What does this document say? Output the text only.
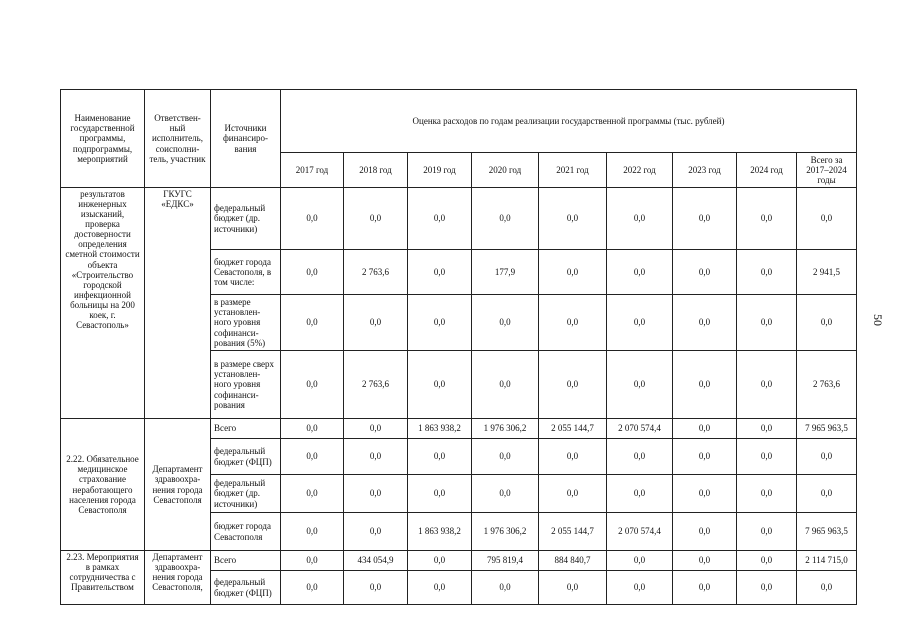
Наименование государственной программы, подпрограммы, мероприятий	Ответствен-ный исполнитель, соисполни-тель, участник	Источники финансиро-вания	Оценка расходов по годам реализации государственной программы (тыс. рублей)								
			2017 год	2018 год	2019 год	2020 год	2021 год	2022 год	2023 год	2024 год	Всего за 2017–2024 годы
результатов инженерных изысканий, проверка достоверности определения сметной стоимости объекта «Строительство городской инфекционной больницы на 200 коек, г. Севастополь»	ГКУГС «ЕДКС»	федеральный бюджет (др. источники)	0,0	0,0	0,0	0,0	0,0	0,0	0,0	0,0	0,0
		бюджет города Севастополя, в том числе:	0,0	2 763,6	0,0	177,9	0,0	0,0	0,0	0,0	2 941,5
		в размере установлен-ного уровня софинанси-рования (5%)	0,0	0,0	0,0	0,0	0,0	0,0	0,0	0,0	0,0
		в размере сверх установлен-ного уровня софинанси-рования	0,0	2 763,6	0,0	0,0	0,0	0,0	0,0	0,0	2 763,6
2.22. Обязательное медицинское страхование неработающего населения города Севастополя	Департамент здравоохра-нения города Севастополя	Всего	0,0	0,0	1 863 938,2	1 976 306,2	2 055 144,7	2 070 574,4	0,0	0,0	7 965 963,5
		федеральный бюджет (ФЦП)	0,0	0,0	0,0	0,0	0,0	0,0	0,0	0,0	0,0
		федеральный бюджет (др. источники)	0,0	0,0	0,0	0,0	0,0	0,0	0,0	0,0	0,0
		бюджет города Севастополя	0,0	0,0	1 863 938,2	1 976 306,2	2 055 144,7	2 070 574,4	0,0	0,0	7 965 963,5
2.23. Мероприятия в рамках сотрудничества с Правительством	Департамент здравоохра-нения города Севастополя,	Всего	0,0	434 054,9	0,0	795 819,4	884 840,7	0,0	0,0	0,0	2 114 715,0
		федеральный бюджет (ФЦП)	0,0	0,0	0,0	0,0	0,0	0,0	0,0	0,0	0,0
50
